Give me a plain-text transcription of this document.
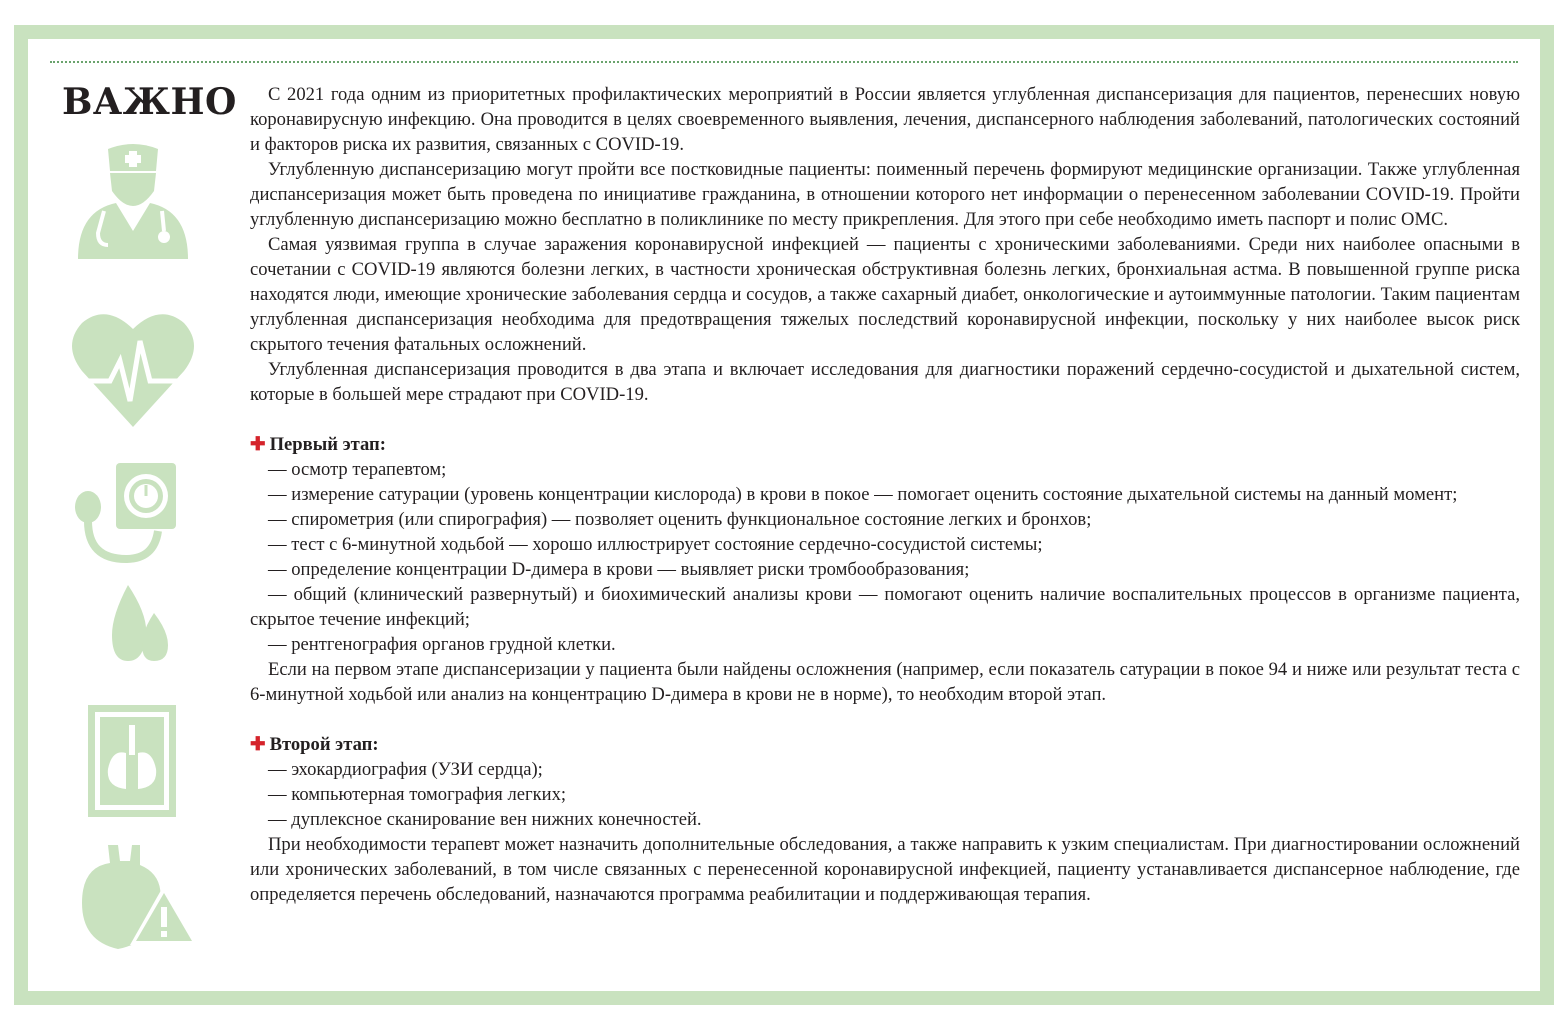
ВАЖНО	С 2021 года одним из приоритетных профилактических мероприятий в России является углубленная диспансеризация для пациентов, перенесших новую коронавирусную инфекцию. Она проводится в целях своевременного выявления, лечения, диспансерного наблюдения заболеваний, патологических состояний и факторов риска их развития, связанных с COVID-19.

Углубленную диспансеризацию могут пройти все постковидные пациенты: поименный перечень формируют медицинские организации. Также углубленная диспансеризация может быть проведена по инициативе гражданина, в отношении которого нет информации о перенесенном заболевании COVID-19. Пройти углубленную диспансеризацию можно бесплатно в поликлинике по месту прикрепления. Для этого при себе необходимо иметь паспорт и полис ОМС.

Самая уязвимая группа в случае заражения коронавирусной инфекцией — пациенты с хроническими заболеваниями. Среди них наиболее опасными в сочетании с COVID-19 являются болезни легких, в частности хроническая обструктивная болезнь легких, бронхиальная астма. В повышенной группе риска находятся люди, имеющие хронические заболевания сердца и сосудов, а также сахарный диабет, онкологические и аутоиммунные патологии. Таким пациентам углубленная диспансеризация необходима для предотвращения тяжелых последствий коронавирусной инфекции, поскольку у них наиболее высок риск скрытого течения фатальных осложнений.

Углубленная диспансеризация проводится в два этапа и включает исследования для диагностики поражений сердечно-сосудистой и дыхательной систем, которые в большей мере страдают при COVID-19.

✚ Первый этап:

— осмотр терапевтом;

— измерение сатурации (уровень концентрации кислорода) в крови в покое — помогает оценить состояние дыхательной системы на данный момент;

— спирометрия (или спирография) — позволяет оценить функциональное состояние легких и бронхов;

— тест с 6-минутной ходьбой — хорошо иллюстрирует состояние сердечно-сосудистой системы;

— определение концентрации D-димера в крови — выявляет риски тромбообразования;

— общий (клинический развернутый) и биохимический анализы крови — помогают оценить наличие воспалительных процессов в организме пациента, скрытое течение инфекций;

— рентгенография органов грудной клетки.

Если на первом этапе диспансеризации у пациента были найдены осложнения (например, если показатель сатурации в покое 94 и ниже или результат теста с 6-минутной ходьбой или анализ на концентрацию D-димера в крови не в норме), то необходим второй этап.

✚ Второй этап:

— эхокардиография (УЗИ сердца);

— компьютерная томография легких;

— дуплексное сканирование вен нижних конечностей.

При необходимости терапевт может назначить дополнительные обследования, а также направить к узким специалистам. При диагностировании осложнений или хронических заболеваний, в том числе связанных с перенесенной коронавирусной инфекцией, пациенту устанавливается диспансерное наблюдение, где определяется перечень обследований, назначаются программа реабилитации и поддерживающая терапия.
